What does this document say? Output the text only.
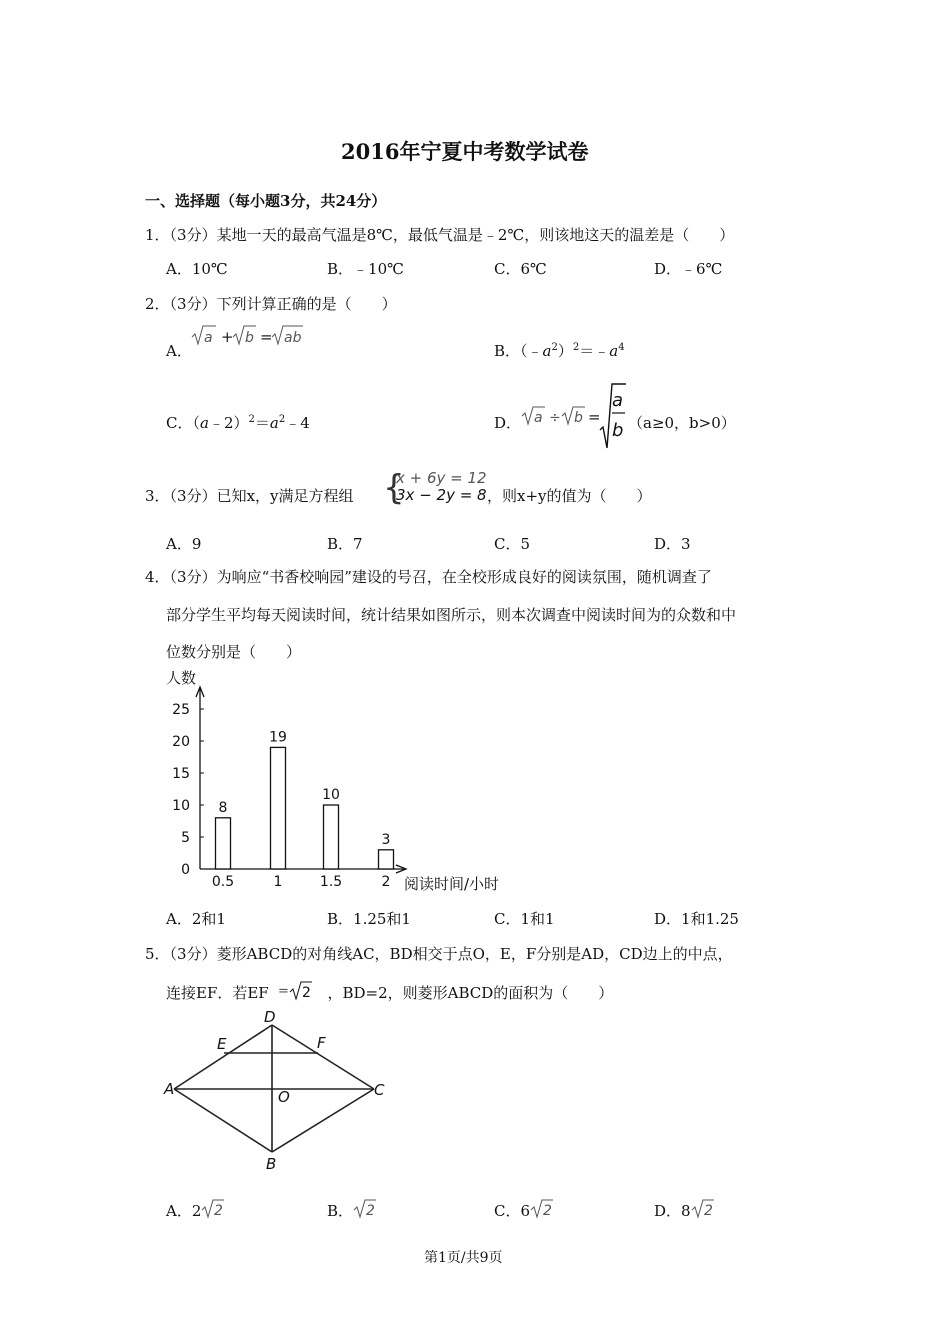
2016年宁夏中考数学试卷
一、选择题（每小题3分，共24分）
1．（3分）某地一天的最高气温是8℃，最低气温是﹣2℃，则该地这天的温差是（　　）
A．10℃	B．﹣10℃	C．6℃	D．﹣6℃
2．（3分）下列计算正确的是（　　）
A．
a + b = ab
B．$(﹣a^2)^2=﹣a^4$
C．$(a﹣2)^2=a^2﹣4$	D． a ÷ b =
a
b （a≥0，b>0）
3．（3分）已知x，y满足方程组 {
x + 6y = 12
3x − 2y = 8 ，则x+y的值为（　　）
A．9	B．7	C．5	D．3
4．（3分）为响应“书香校响园”建设的号召，在全校形成良好的阅读氛围，随机调查了
部分学生平均每天阅读时间，统计结果如图所示，则本次调查中阅读时间为的众数和中
位数分别是（　　）
人数
阅读时间/小时
0
5
10
15
20
25
8
0.5
19
1
10
1.5
3
2
A．2和1	B．1.25和1	C．1和1	D．1和1.25
5．（3分）菱形ABCD的对角线AC，BD相交于点O，E，F分别是AD，CD边上的中点，
连接EF．若EF = 2 ，BD=2，则菱形ABCD的面积为（　　）
D
E	F
A	O	C
B
A．2 2	B． 2	C．6 2	D．8 2
第1页/共9页
